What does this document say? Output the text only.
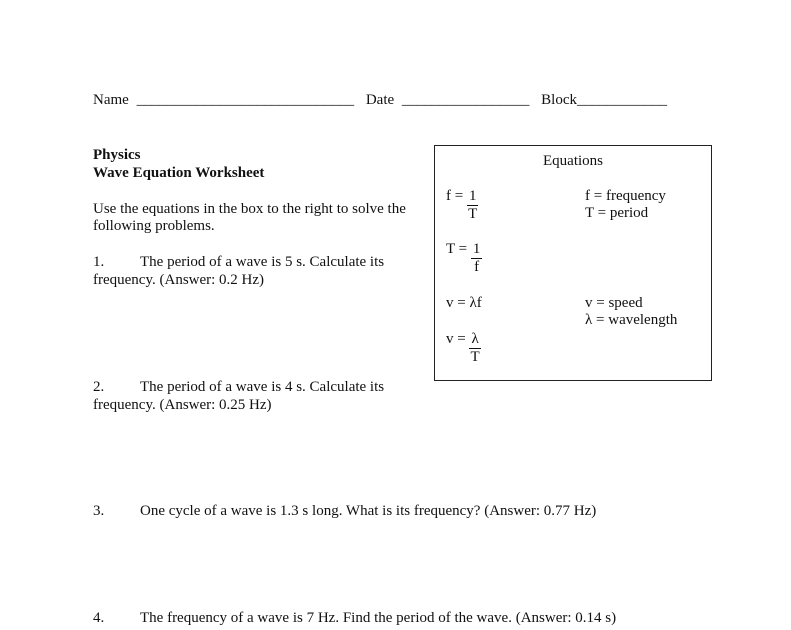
Name _____________________________ Date _________________ Block____________
Physics
Wave Equation Worksheet
Use the equations in the box to the right to solve the
following problems.
Equations
$f = \frac{1}{T}$
$T = \frac{1}{f}$
v = λf
$v = \frac{\lambda}{T}$
f = frequency
T = period
v = speed
λ = wavelength
1. The period of a wave is 5 s. Calculate its
frequency. (Answer: 0.2 Hz)
2. The period of a wave is 4 s. Calculate its
frequency. (Answer: 0.25 Hz)
3. One cycle of a wave is 1.3 s long. What is its frequency? (Answer: 0.77 Hz)
4. The frequency of a wave is 7 Hz. Find the period of the wave. (Answer: 0.14 s)
